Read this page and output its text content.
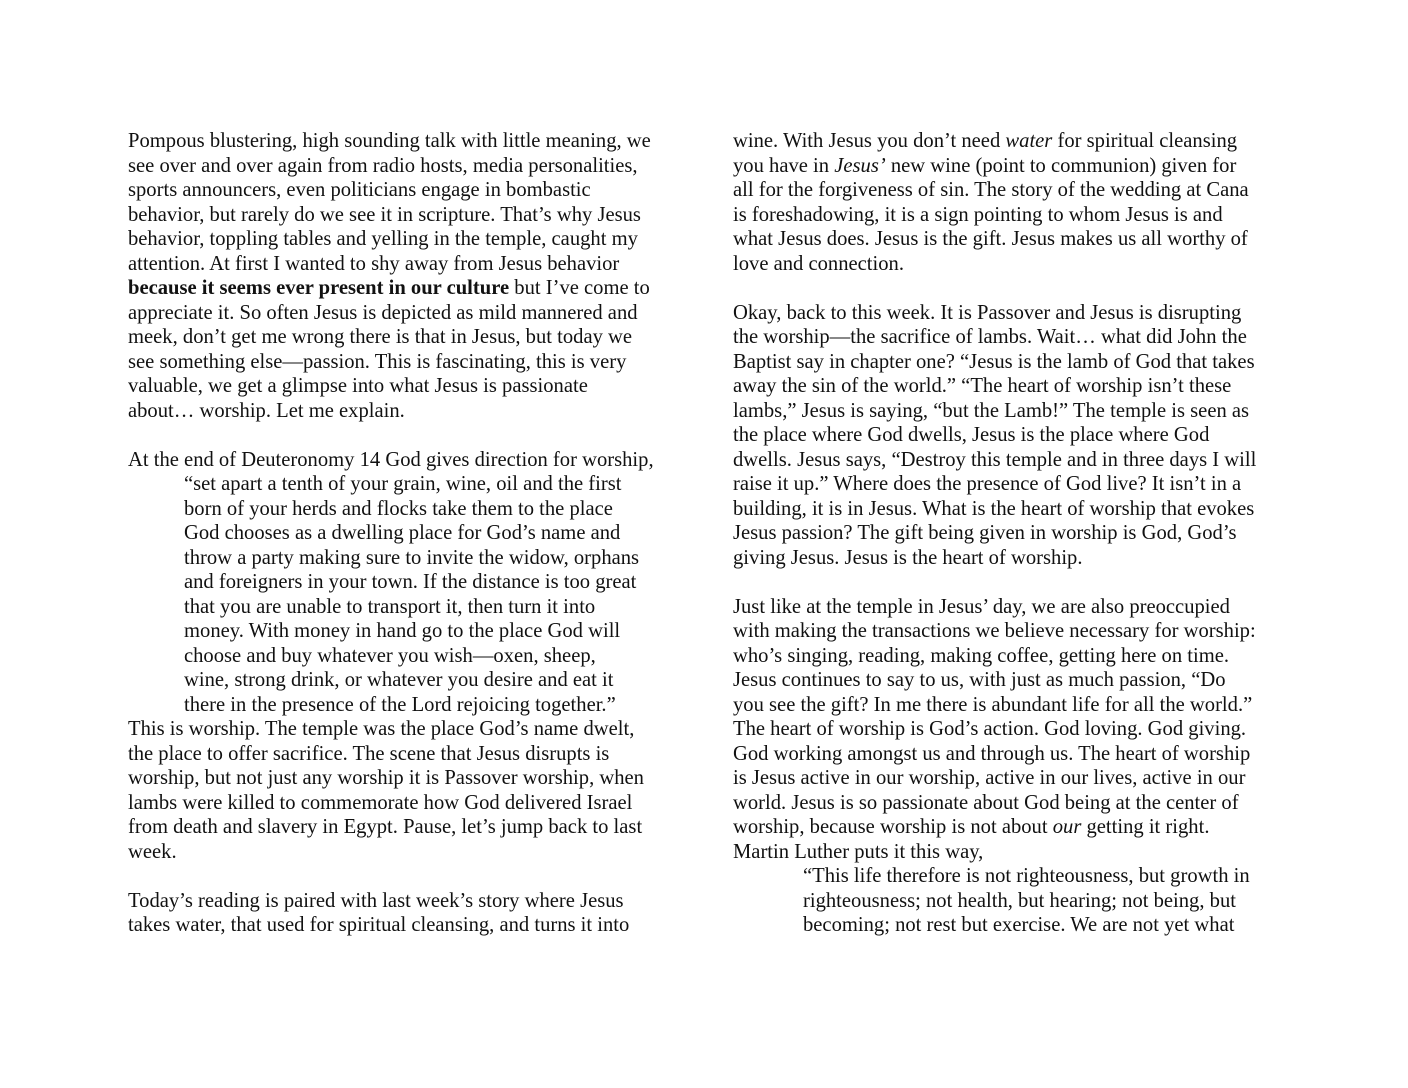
Pompous blustering, high sounding talk with little meaning, we
see over and over again from radio hosts, media personalities,
sports announcers, even politicians engage in bombastic
behavior, but rarely do we see it in scripture. That’s why Jesus
behavior, toppling tables and yelling in the temple, caught my
attention. At first I wanted to shy away from Jesus behavior
because it seems ever present in our culture but I’ve come to
appreciate it. So often Jesus is depicted as mild mannered and
meek, don’t get me wrong there is that in Jesus, but today we
see something else—passion. This is fascinating, this is very
valuable, we get a glimpse into what Jesus is passionate
about… worship. Let me explain.
At the end of Deuteronomy 14 God gives direction for worship,
“set apart a tenth of your grain, wine, oil and the first
born of your herds and flocks take them to the place
God chooses as a dwelling place for God’s name and
throw a party making sure to invite the widow, orphans
and foreigners in your town. If the distance is too great
that you are unable to transport it, then turn it into
money. With money in hand go to the place God will
choose and buy whatever you wish—oxen, sheep,
wine, strong drink, or whatever you desire and eat it
there in the presence of the Lord rejoicing together.”
This is worship. The temple was the place God’s name dwelt,
the place to offer sacrifice. The scene that Jesus disrupts is
worship, but not just any worship it is Passover worship, when
lambs were killed to commemorate how God delivered Israel
from death and slavery in Egypt. Pause, let’s jump back to last
week.
Today’s reading is paired with last week’s story where Jesus
takes water, that used for spiritual cleansing, and turns it into
wine. With Jesus you don’t need water for spiritual cleansing
you have in Jesus’ new wine (point to communion) given for
all for the forgiveness of sin. The story of the wedding at Cana
is foreshadowing, it is a sign pointing to whom Jesus is and
what Jesus does. Jesus is the gift. Jesus makes us all worthy of
love and connection.
Okay, back to this week. It is Passover and Jesus is disrupting
the worship—the sacrifice of lambs. Wait… what did John the
Baptist say in chapter one? “Jesus is the lamb of God that takes
away the sin of the world.” “The heart of worship isn’t these
lambs,” Jesus is saying, “but the Lamb!” The temple is seen as
the place where God dwells, Jesus is the place where God
dwells. Jesus says, “Destroy this temple and in three days I will
raise it up.” Where does the presence of God live? It isn’t in a
building, it is in Jesus. What is the heart of worship that evokes
Jesus passion? The gift being given in worship is God, God’s
giving Jesus. Jesus is the heart of worship.
Just like at the temple in Jesus’ day, we are also preoccupied
with making the transactions we believe necessary for worship:
who’s singing, reading, making coffee, getting here on time.
Jesus continues to say to us, with just as much passion, “Do
you see the gift? In me there is abundant life for all the world.”
The heart of worship is God’s action. God loving. God giving.
God working amongst us and through us. The heart of worship
is Jesus active in our worship, active in our lives, active in our
world. Jesus is so passionate about God being at the center of
worship, because worship is not about our getting it right.
Martin Luther puts it this way,
“This life therefore is not righteousness, but growth in
righteousness; not health, but hearing; not being, but
becoming; not rest but exercise. We are not yet what
